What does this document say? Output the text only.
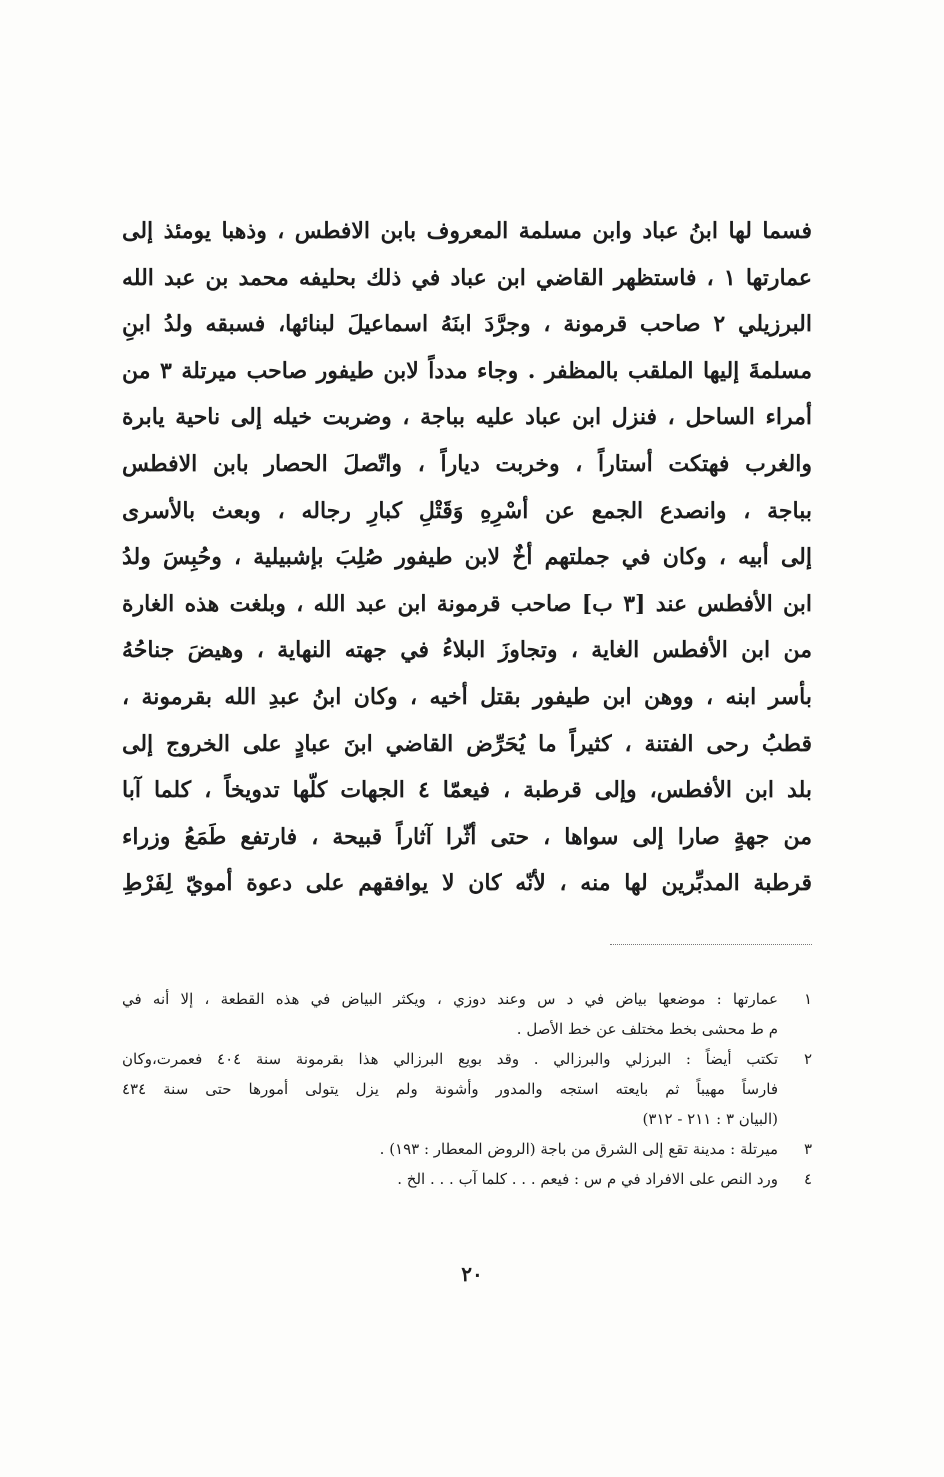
فسما لها ابنُ عباد وابن مسلمة المعروف بابن الافطس ، وذهبا يومئذ إلى
عمارتها ١ ، فاستظهر القاضي ابن عباد في ذلك بحليفه محمد بن عبد الله
البرزيلي ٢ صاحب قرمونة ، وجرَّدَ ابنَهُ اسماعيلَ لبنائها، فسبقه ولدُ ابنِ
مسلمةَ إليها الملقب بالمظفر . وجاء مدداً لابن طيفور صاحب ميرتلة ٣ من
أمراء الساحل ، فنزل ابن عباد عليه بباجة ، وضربت خيله إلى ناحية يابرة
والغرب فهتكت أستاراً ، وخربت دياراً ، واتّصلَ الحصار بابن الافطس
بباجة ، وانصدع الجمع عن أسْرِهِ وَقَتْلِ كبارِ رجاله ، وبعث بالأسرى
إلى أبيه ، وكان في جملتهم أخٌ لابن طيفور صُلِبَ بإشبيلية ، وحُبِسَ ولدُ
ابن الأفطس عند [٣ ب] صاحب قرمونة ابن عبد الله ، وبلغت هذه الغارة
من ابن الأفطس الغاية ، وتجاوزَ البلاءُ في جهته النهاية ، وهيضَ جناحُهُ
بأسر ابنه ، ووهن ابن طيفور بقتل أخيه ، وكان ابنُ عبدِ الله بقرمونة ،
قطبُ رحى الفتنة ، كثيراً ما يُحَرِّض القاضي ابنَ عبادٍ على الخروج إلى
بلد ابن الأفطس، وإلى قرطبة ، فيعمّا ٤ الجهات كلّها تدويخاً ، كلما آبا
من جهةٍ صارا إلى سواها ، حتى أثّرا آثاراً قبيحة ، فارتفع طَمَعُ وزراء
قرطبة المدبِّرين لها منه ، لأنّه كان لا يوافقهم على دعوة أمويّ لِفَرْطِ
١
عمارتها : موضعها بياض في د س وعند دوزي ، ويكثر البياض في هذه القطعة ، إلا أنه في
م ط محشى بخط مختلف عن خط الأصل .
٢
تكتب أيضاً : البرزلي والبرزالي . وقد بويع البرزالي هذا بقرمونة سنة ٤٠٤ فعمرت،وكان
فارساً مهيباً ثم بايعته استجه والمدور وأشونة ولم يزل يتولى أمورها حتى سنة ٤٣٤
(البيان ٣ : ٢١١ - ٣١٢)
٣
ميرتلة : مدينة تقع إلى الشرق من باجة (الروض المعطار : ١٩٣) .
٤
ورد النص على الافراد في م س : فيعم . . . كلما آب . . . الخ .
٢٠
